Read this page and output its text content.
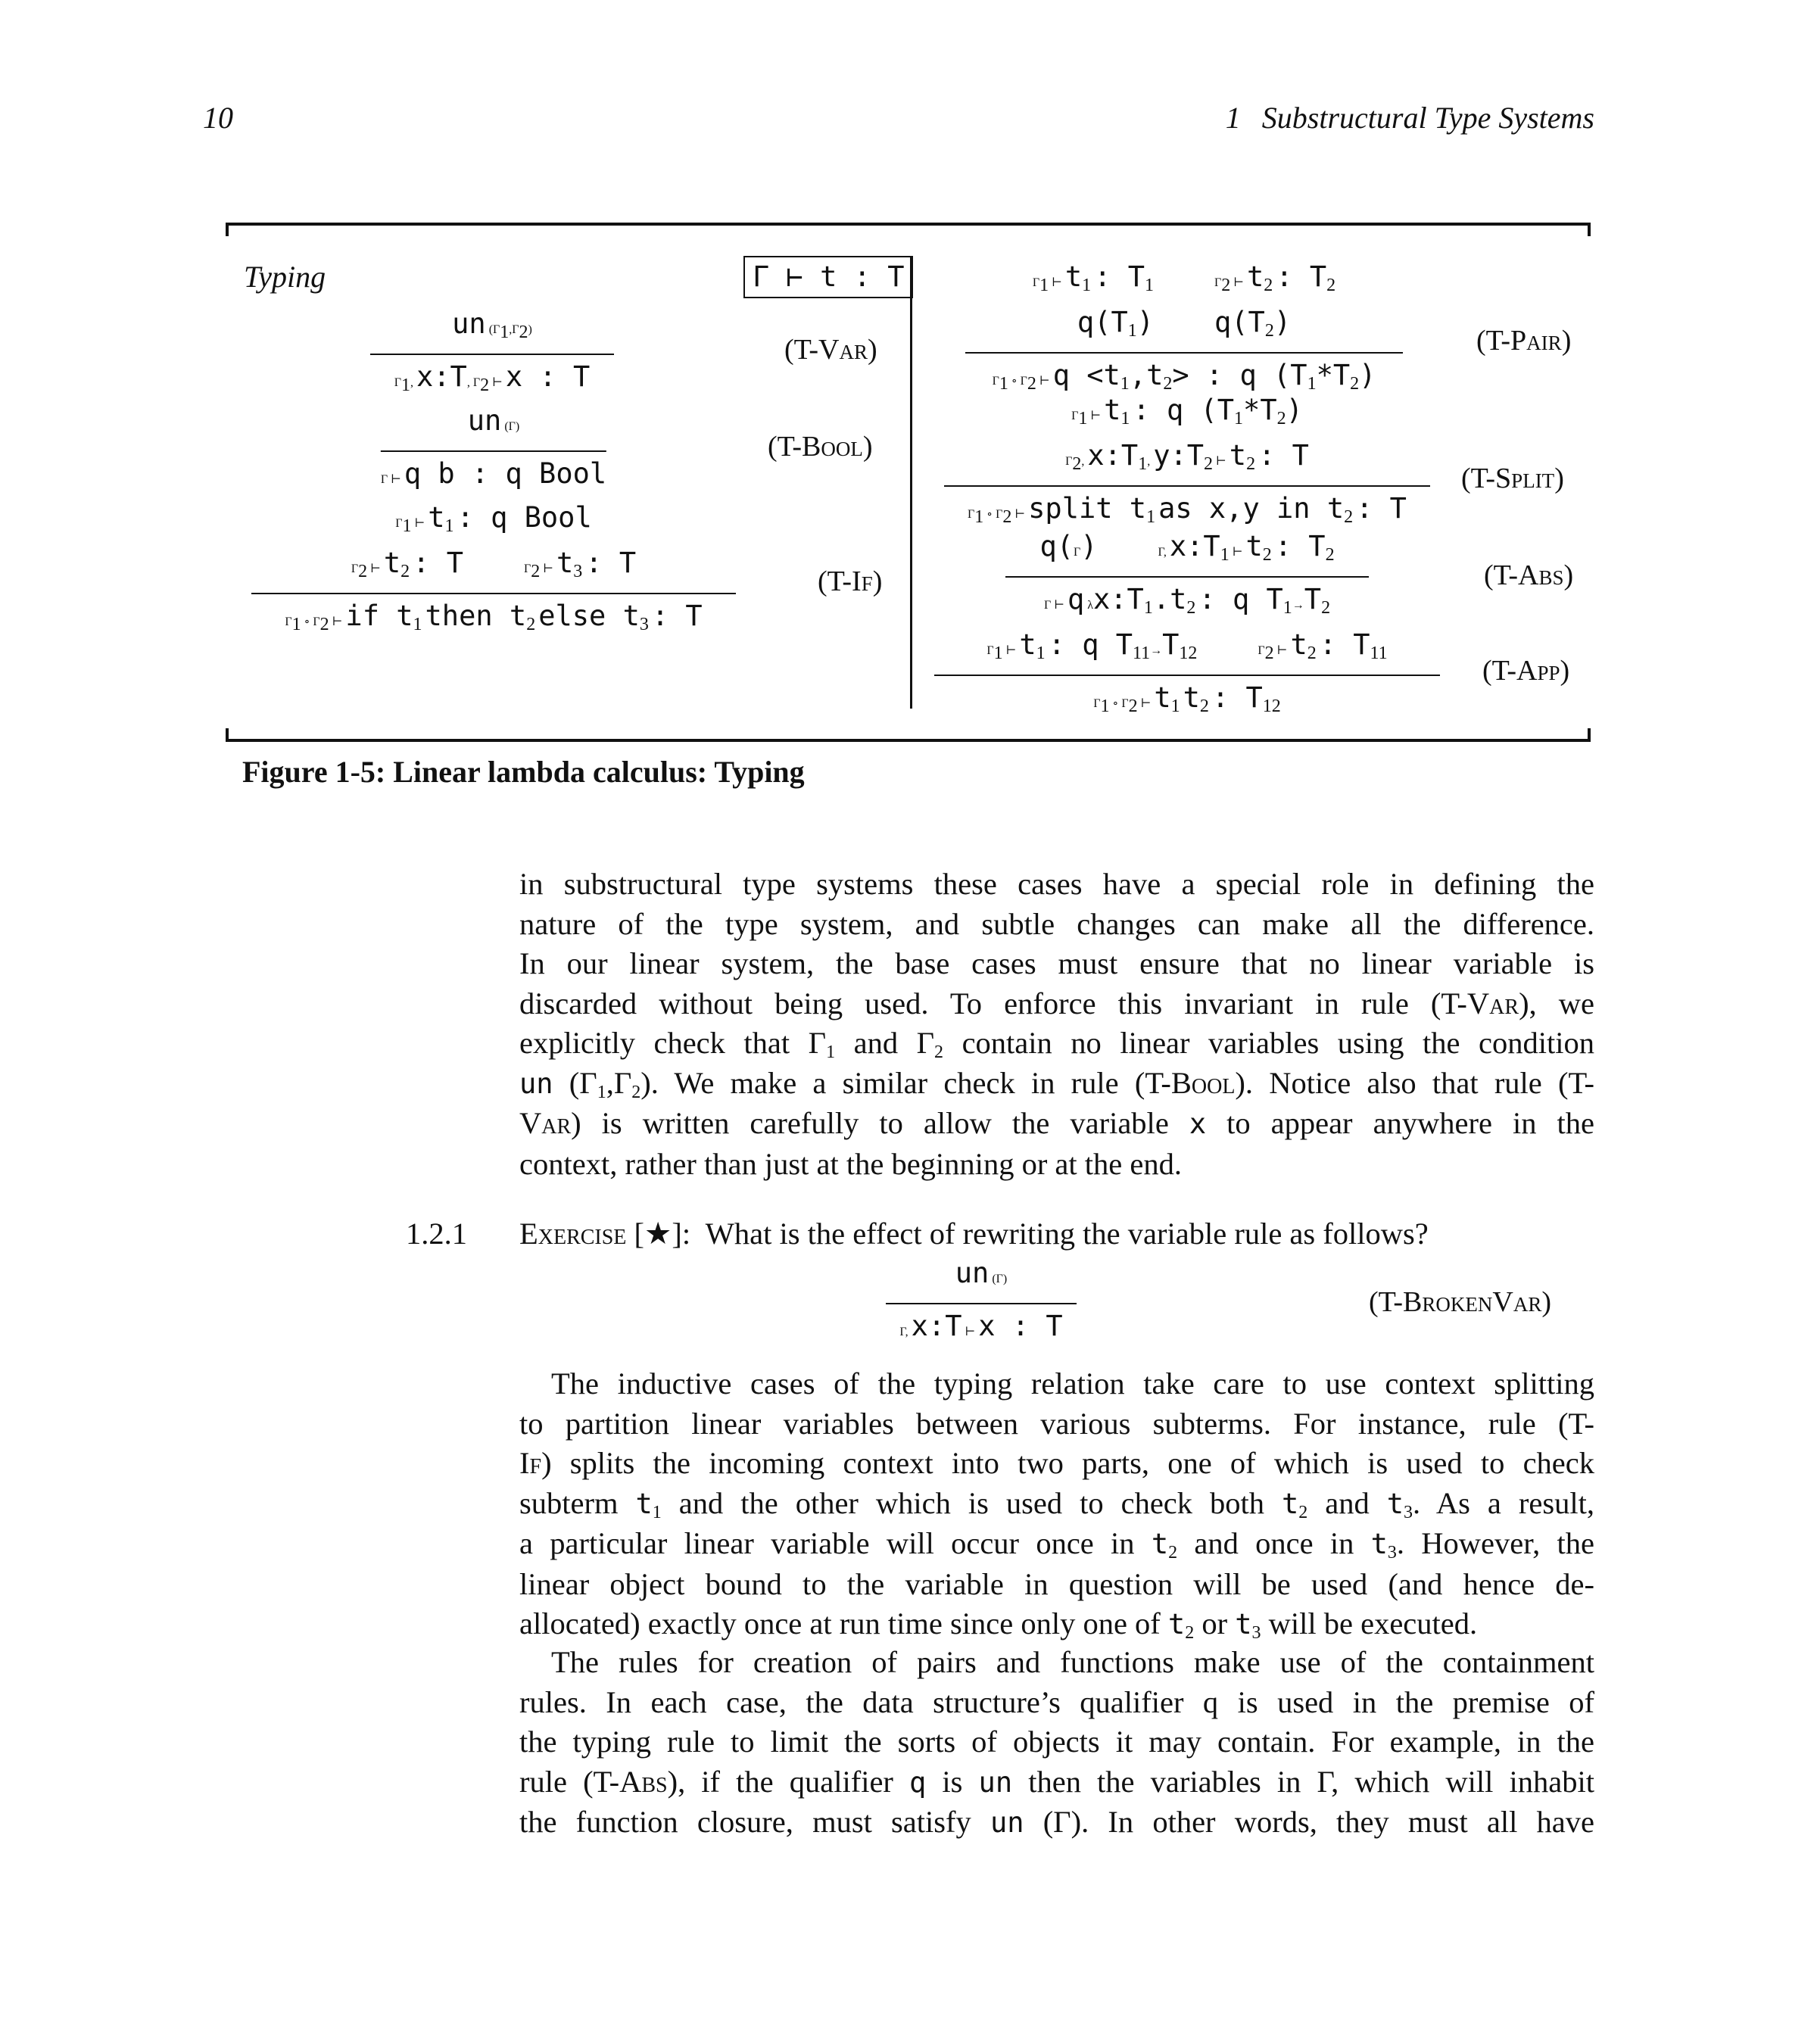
10	1 Substructural Type Systems
Typing	Γ ⊢ t : T
un $(\Gamma_1,\Gamma_2)$
$\Gamma_1$, x:T, $\Gamma_2$ ⊢ x : T
(T-Var)
un (Γ)
Γ ⊢ q b : q Bool
(T-Bool)
$\Gamma_1$ ⊢ $t_1$ : q Bool
$\Gamma_2$ ⊢ $t_2$ : T	$\Gamma_2$ ⊢ $t_3$ : T
$\Gamma_1$ ∘ $\Gamma_2$ ⊢ if $t_1$ then $t_2$ else $t_3$ : T
(T-If)
$\Gamma_1$ ⊢ $t_1$ : $T_1$	$\Gamma_2$ ⊢ $t_2$ : $T_2$
$q(T_1)$ $q(T_2)$
$\Gamma_1$ ∘ $\Gamma_2$ ⊢ $q <t_1,t_2>$ : q $(T_1*T_2)$
(T-Pair)
$\Gamma_1$ ⊢ $t_1$ : q $(T_1*T_2)$
$\Gamma_2$, $x:T_1$, $y:T_2$ ⊢ $t_2$ : T
$\Gamma_1$ ∘ $\Gamma_2$ ⊢ split $t_1$ as x,y in $t_2$ : T
(T-Split)
q(Γ)	Γ, $x:T_1$ ⊢ $t_2$ : $T_2$
Γ ⊢ q $\lambda x:T_1.t_2$ : q $T_1\to T_2$
(T-Abs)
$\Gamma_1$ ⊢ $t_1$ : q $T_{11}\to T_{12}$	$\Gamma_2$ ⊢ $t_2$ : $T_{11}$
$\Gamma_1$ ∘ $\Gamma_2$ ⊢ $t_1$ $t_2$ : $T_{12}$
(T-App)
Figure 1-5: Linear lambda calculus: Typing
in substructural type systems these cases have a special role in defining the
nature of the type system, and subtle changes can make all the difference.
In our linear system, the base cases must ensure that no linear variable is
discarded without being used. To enforce this invariant in rule (T-Var), we
explicitly check that $\Gamma_1$ and $\Gamma_2$ contain no linear variables using the condition
un $(\Gamma_1,\Gamma_2)$. We make a similar check in rule (T-Bool). Notice also that rule (T-
Var) is written carefully to allow the variable x to appear anywhere in the
context, rather than just at the beginning or at the end.
1.2.1 Exercise [★]: What is the effect of rewriting the variable rule as follows?
un (Γ)
Γ, x:T ⊢ x : T
(T-BrokenVar)
The inductive cases of the typing relation take care to use context splitting
to partition linear variables between various subterms. For instance, rule (T-
If) splits the incoming context into two parts, one of which is used to check
subterm $t_1$ and the other which is used to check both $t_2$ and $t_3$. As a result,
a particular linear variable will occur once in $t_2$ and once in $t_3$. However, the
linear object bound to the variable in question will be used (and hence de-
allocated) exactly once at run time since only one of $t_2$ or $t_3$ will be executed.
The rules for creation of pairs and functions make use of the containment
rules. In each case, the data structure’s qualifier q is used in the premise of
the typing rule to limit the sorts of objects it may contain. For example, in the
rule (T-Abs), if the qualifier q is un then the variables in Γ, which will inhabit
the function closure, must satisfy un (Γ). In other words, they must all have
